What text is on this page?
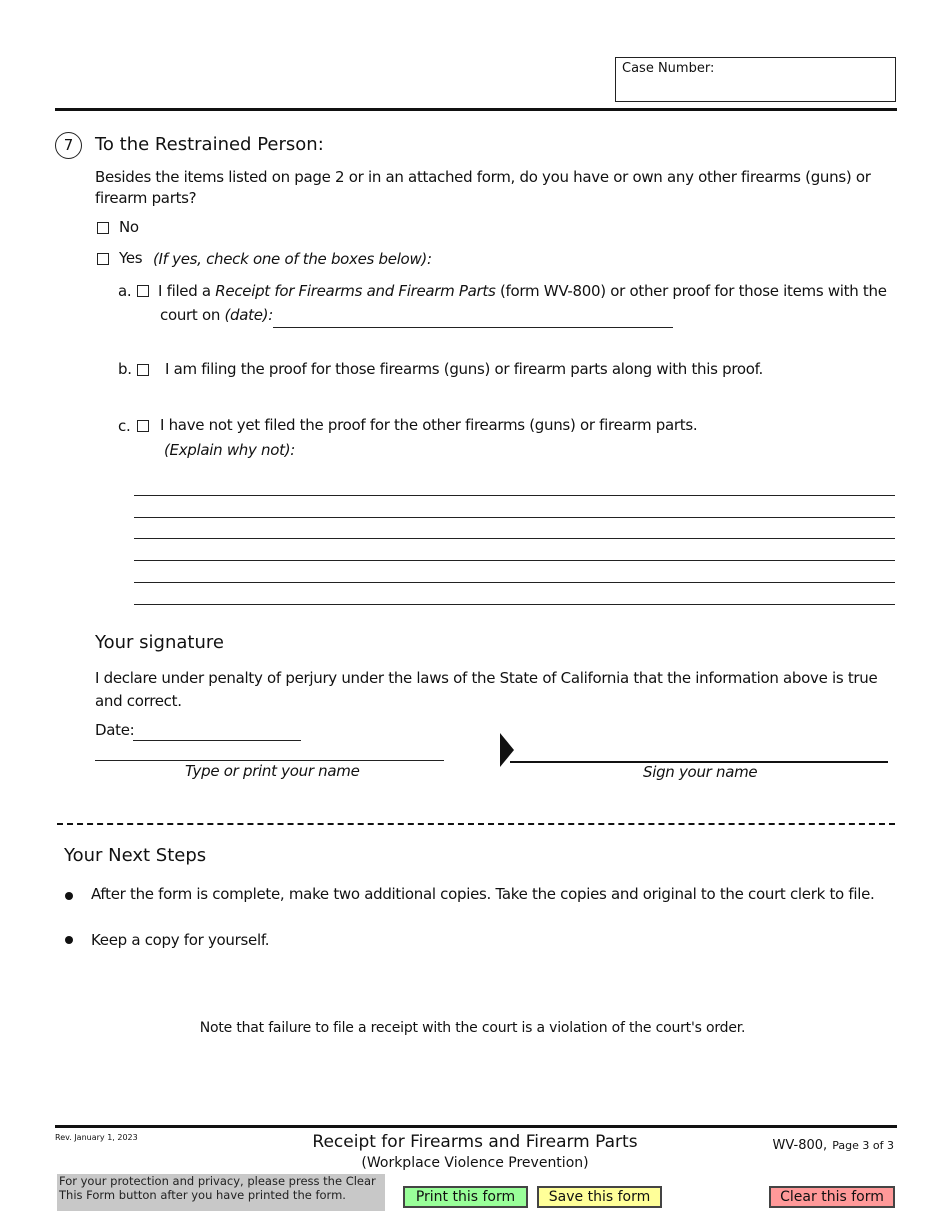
Case Number:
7	To the Restrained Person:
Besides the items listed on page 2 or in an attached form, do you have or own any other firearms (guns) or firearm parts?
No
Yes (If yes, check one of the boxes below):
a. I filed a Receipt for Firearms and Firearm Parts (form WV-800) or other proof for those items with the
court on (date):
b. I am filing the proof for those firearms (guns) or firearm parts along with this proof.
c. I have not yet filed the proof for the other firearms (guns) or firearm parts.
(Explain why not):
Your signature
I declare under penalty of perjury under the laws of the State of California that the information above is true and correct.
Date:
Type or print your name	Sign your name
Your Next Steps
After the form is complete, make two additional copies. Take the copies and original to the court clerk to file.
Keep a copy for yourself.
Note that failure to file a receipt with the court is a violation of the court's order.
Rev. January 1, 2023	Receipt for Firearms and Firearm Parts
(Workplace Violence Prevention)
WV-800, Page 3 of 3
For your protection and privacy, please press the Clear This Form button after you have printed the form.	Print this form	Save this form	Clear this form
